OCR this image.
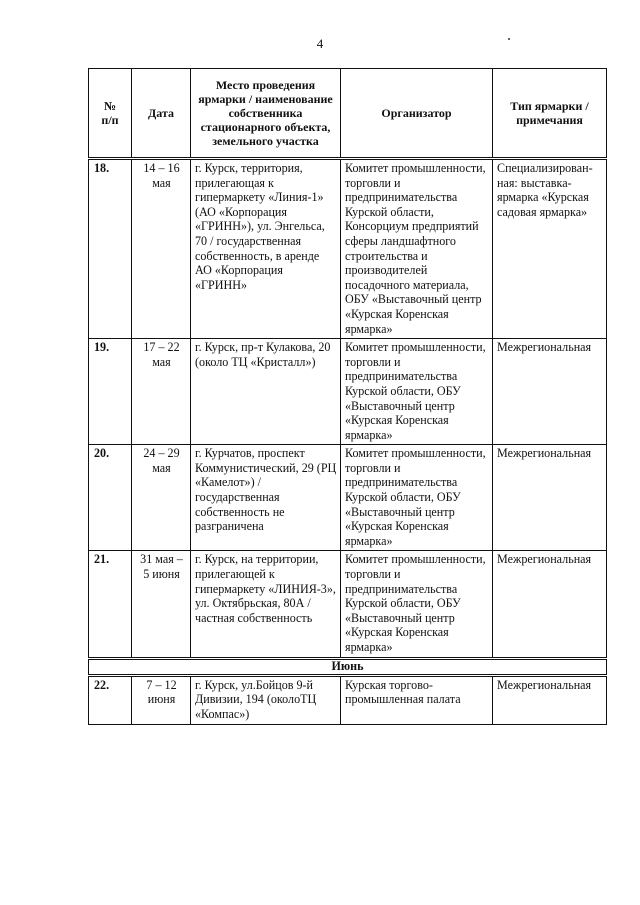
4
№
п/п	Дата	Место проведения ярмарки / наименование собственника стационарного объекта, земельного участка	Организатор	Тип ярмарки / примечания
18.	14 – 16 мая	г. Курск, территория, прилегающая к гипермаркету «Линия-1» (АО «Корпорация «ГРИНН»), ул. Энгельса, 70 / государственная собственность, в аренде АО «Корпорация «ГРИНН»	Комитет промышленности, торговли и предпринимательства Курской области, Консорциум предприятий сферы ландшафтного строительства и производителей посадочного материала, ОБУ «Выставочный центр «Курская Коренская ярмарка»	Специализирован-ная: выставка-ярмарка «Курская садовая ярмарка»
19.	17 – 22 мая	г. Курск, пр-т Кулакова, 20 (около ТЦ «Кристалл»)	Комитет промышленности, торговли и предпринимательства Курской области, ОБУ «Выставочный центр «Курская Коренская ярмарка»	Межрегиональная
20.	24 – 29 мая	г. Курчатов, проспект Коммунистический, 29 (РЦ «Камелот») / государственная собственность не разграничена	Комитет промышленности, торговли и предпринимательства Курской области, ОБУ «Выставочный центр «Курская Коренская ярмарка»	Межрегиональная
21.	31 мая – 5 июня	г. Курск, на территории, прилегающей к гипермаркету «ЛИНИЯ-3», ул. Октябрьская, 80А / частная собственность	Комитет промышленности, торговли и предпринимательства Курской области, ОБУ «Выставочный центр «Курская Коренская ярмарка»	Межрегиональная
Июнь				
22.	7 – 12 июня	г. Курск, ул.Бойцов 9-й Дивизии, 194 (околоТЦ «Компас»)	Курская торгово-промышленная палата	Межрегиональная
